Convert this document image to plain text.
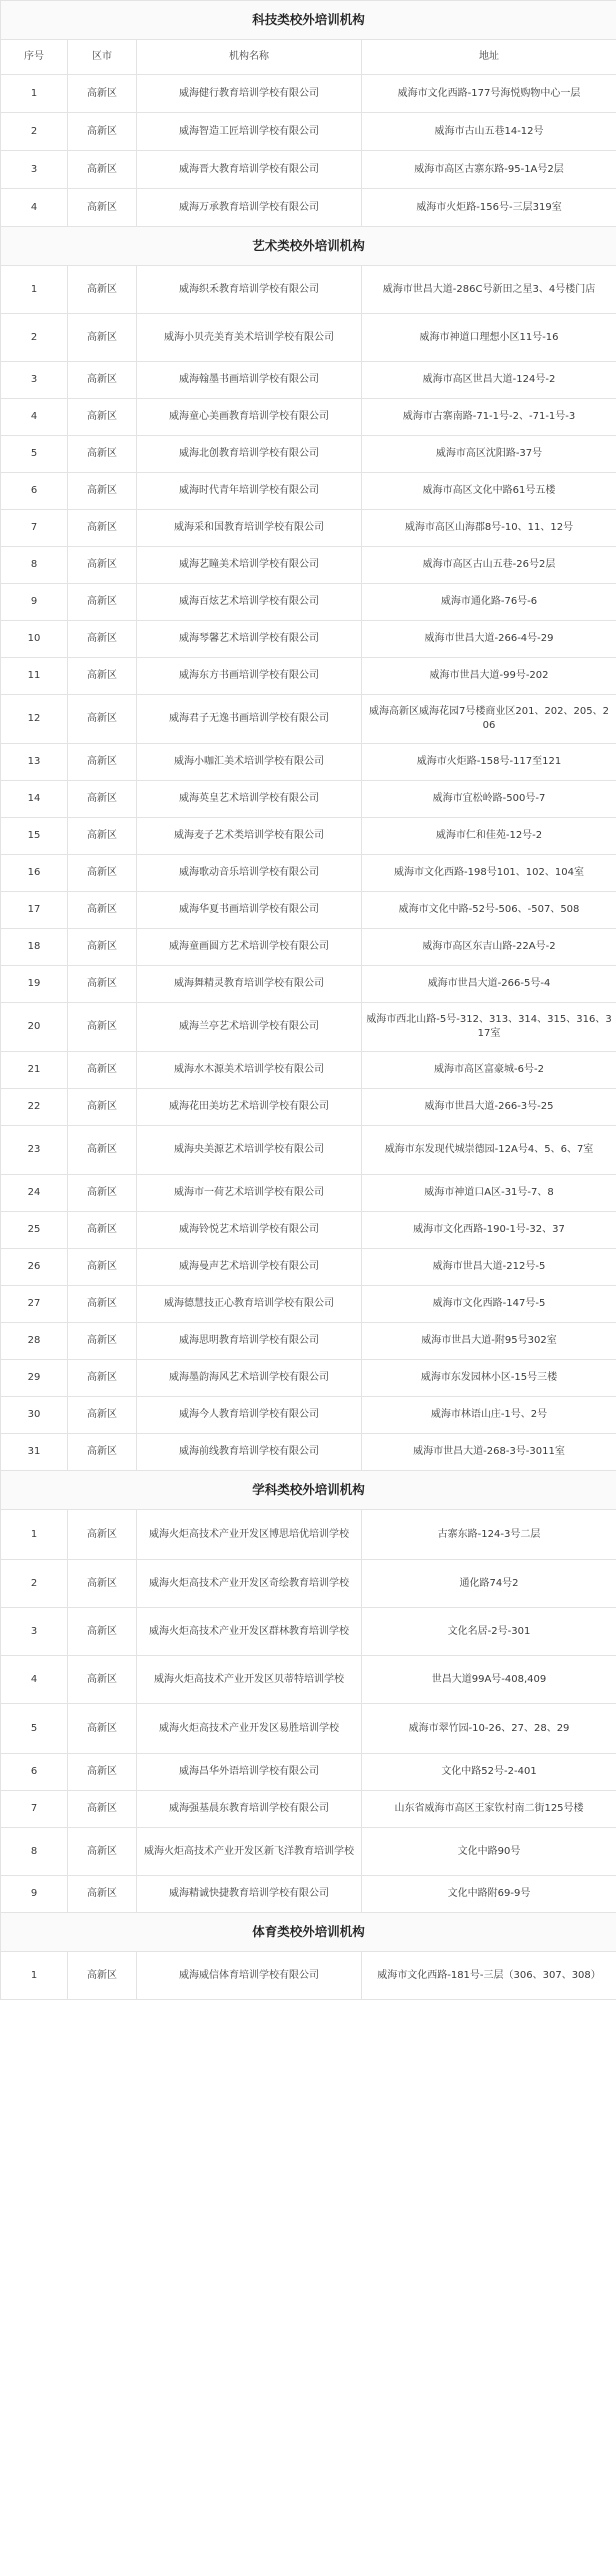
科技类校外培训机构			
序号	区市	机构名称	地址
1	高新区	威海健行教育培训学校有限公司	威海市文化西路-177号海悦购物中心一层
2	高新区	威海智造工匠培训学校有限公司	威海市古山五巷14-12号
3	高新区	威海晋大教育培训学校有限公司	威海市高区古寨东路-95-1A号2层
4	高新区	威海万承教育培训学校有限公司	威海市火炬路-156号-三层319室
艺术类校外培训机构			
1	高新区	威海织禾教育培训学校有限公司	威海市世昌大道-286C号新田之星3、4号楼门店
2	高新区	威海小贝壳美育美术培训学校有限公司	威海市神道口理想小区11号-16
3	高新区	威海翰墨书画培训学校有限公司	威海市高区世昌大道-124号-2
4	高新区	威海童心美画教育培训学校有限公司	威海市古寨南路-71-1号-2、-71-1号-3
5	高新区	威海北创教育培训学校有限公司	威海市高区沈阳路-37号
6	高新区	威海时代青年培训学校有限公司	威海市高区文化中路61号五楼
7	高新区	威海采和国教育培训学校有限公司	威海市高区山海郡8号-10、11、12号
8	高新区	威海艺瞳美术培训学校有限公司	威海市高区古山五巷-26号2层
9	高新区	威海百炫艺术培训学校有限公司	威海市通化路-76号-6
10	高新区	威海琴馨艺术培训学校有限公司	威海市世昌大道-266-4号-29
11	高新区	威海东方书画培训学校有限公司	威海市世昌大道-99号-202
12	高新区	威海君子无逸书画培训学校有限公司	威海高新区威海花园7号楼商业区201、202、205、206
13	高新区	威海小咖汇美术培训学校有限公司	威海市火炬路-158号-117至121
14	高新区	威海英皇艺术培训学校有限公司	威海市宜松岭路-500号-7
15	高新区	威海麦子艺术类培训学校有限公司	威海市仁和佳苑-12号-2
16	高新区	威海歌动音乐培训学校有限公司	威海市文化西路-198号101、102、104室
17	高新区	威海华夏书画培训学校有限公司	威海市文化中路-52号-506、-507、508
18	高新区	威海童画圆方艺术培训学校有限公司	威海市高区东吉山路-22A号-2
19	高新区	威海舞精灵教育培训学校有限公司	威海市世昌大道-266-5号-4
20	高新区	威海兰亭艺术培训学校有限公司	威海市西北山路-5号-312、313、314、315、316、317室
21	高新区	威海水木源美术培训学校有限公司	威海市高区富豪城-6号-2
22	高新区	威海花田美坊艺术培训学校有限公司	威海市世昌大道-266-3号-25
23	高新区	威海央美源艺术培训学校有限公司	威海市东发现代城崇德园-12A号4、5、6、7室
24	高新区	威海市一荷艺术培训学校有限公司	威海市神道口A区-31号-7、8
25	高新区	威海铃悦艺术培训学校有限公司	威海市文化西路-190-1号-32、37
26	高新区	威海曼声艺术培训学校有限公司	威海市世昌大道-212号-5
27	高新区	威海德慧技正心教育培训学校有限公司	威海市文化西路-147号-5
28	高新区	威海思明教育培训学校有限公司	威海市世昌大道-附95号302室
29	高新区	威海墨韵海风艺术培训学校有限公司	威海市东发园林小区-15号三楼
30	高新区	威海今人教育培训学校有限公司	威海市林语山庄-1号、2号
31	高新区	威海前线教育培训学校有限公司	威海市世昌大道-268-3号-3011室
学科类校外培训机构			
1	高新区	威海火炬高技术产业开发区博思培优培训学校	古寨东路-124-3号二层
2	高新区	威海火炬高技术产业开发区奇绘教育培训学校	通化路74号2
3	高新区	威海火炬高技术产业开发区群林教育培训学校	文化名居-2号-301
4	高新区	威海火炬高技术产业开发区贝蒂特培训学校	世昌大道99A号-408,409
5	高新区	威海火炬高技术产业开发区易胜培训学校	威海市翠竹园-10-26、27、28、29
6	高新区	威海昌华外语培训学校有限公司	文化中路52号-2-401
7	高新区	威海强基晨东教育培训学校有限公司	山东省威海市高区王家钦村南二街125号楼
8	高新区	威海火炬高技术产业开发区新飞洋教育培训学校	文化中路90号
9	高新区	威海精诚快捷教育培训学校有限公司	文化中路附69-9号
体育类校外培训机构			
1	高新区	威海威信体育培训学校有限公司	威海市文化西路-181号-三层（306、307、308）
